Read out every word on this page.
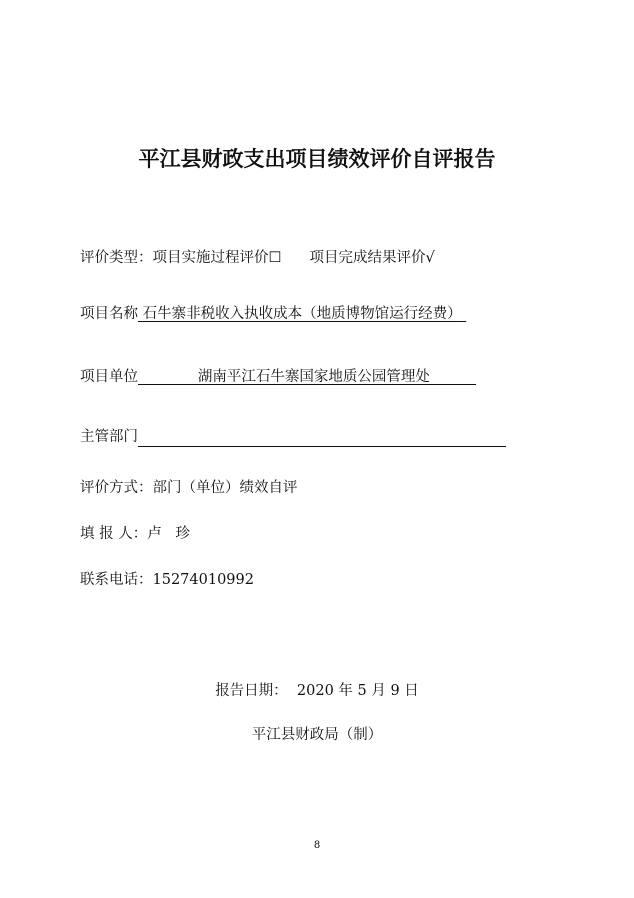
平江县财政支出项目绩效评价自评报告
评价类型：项目实施过程评价☐ 项目完成结果评价√
项目名称 石牛寨非税收入执收成本（地质博物馆运行经费）
项目单位	湖南平江石牛寨国家地质公园管理处
主管部门
评价方式：部门（单位）绩效自评
填 报 人：卢   珍
联系电话：15274010992
报告日期：  2020 年 5 月 9 日
平江县财政局（制）
8
